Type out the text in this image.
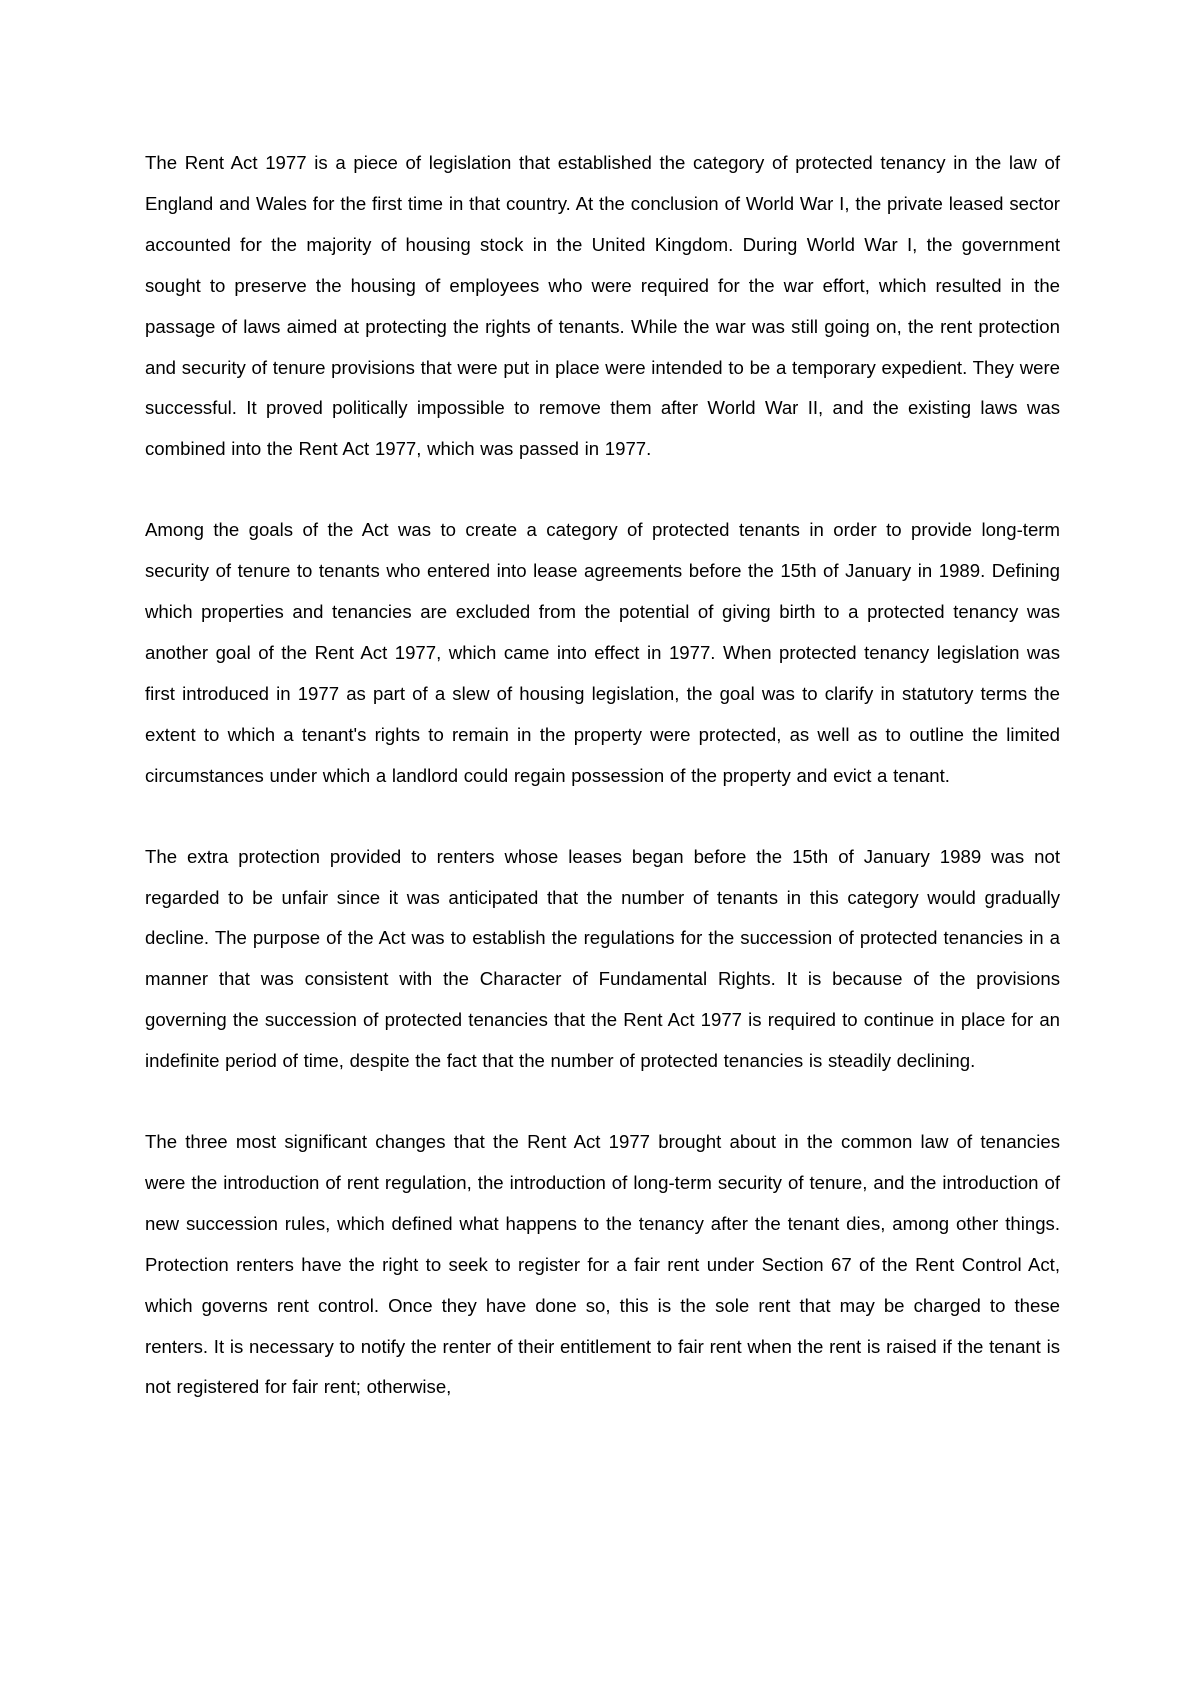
The Rent Act 1977 is a piece of legislation that established the category of protected tenancy in the law of England and Wales for the first time in that country. At the conclusion of World War I, the private leased sector accounted for the majority of housing stock in the United Kingdom. During World War I, the government sought to preserve the housing of employees who were required for the war effort, which resulted in the passage of laws aimed at protecting the rights of tenants. While the war was still going on, the rent protection and security of tenure provisions that were put in place were intended to be a temporary expedient. They were successful. It proved politically impossible to remove them after World War II, and the existing laws was combined into the Rent Act 1977, which was passed in 1977.

Among the goals of the Act was to create a category of protected tenants in order to provide long-term security of tenure to tenants who entered into lease agreements before the 15th of January in 1989. Defining which properties and tenancies are excluded from the potential of giving birth to a protected tenancy was another goal of the Rent Act 1977, which came into effect in 1977. When protected tenancy legislation was first introduced in 1977 as part of a slew of housing legislation, the goal was to clarify in statutory terms the extent to which a tenant's rights to remain in the property were protected, as well as to outline the limited circumstances under which a landlord could regain possession of the property and evict a tenant.

The extra protection provided to renters whose leases began before the 15th of January 1989 was not regarded to be unfair since it was anticipated that the number of tenants in this category would gradually decline. The purpose of the Act was to establish the regulations for the succession of protected tenancies in a manner that was consistent with the Character of Fundamental Rights. It is because of the provisions governing the succession of protected tenancies that the Rent Act 1977 is required to continue in place for an indefinite period of time, despite the fact that the number of protected tenancies is steadily declining.

The three most significant changes that the Rent Act 1977 brought about in the common law of tenancies were the introduction of rent regulation, the introduction of long-term security of tenure, and the introduction of new succession rules, which defined what happens to the tenancy after the tenant dies, among other things. Protection renters have the right to seek to register for a fair rent under Section 67 of the Rent Control Act, which governs rent control. Once they have done so, this is the sole rent that may be charged to these renters. It is necessary to notify the renter of their entitlement to fair rent when the rent is raised if the tenant is not registered for fair rent; otherwise,
